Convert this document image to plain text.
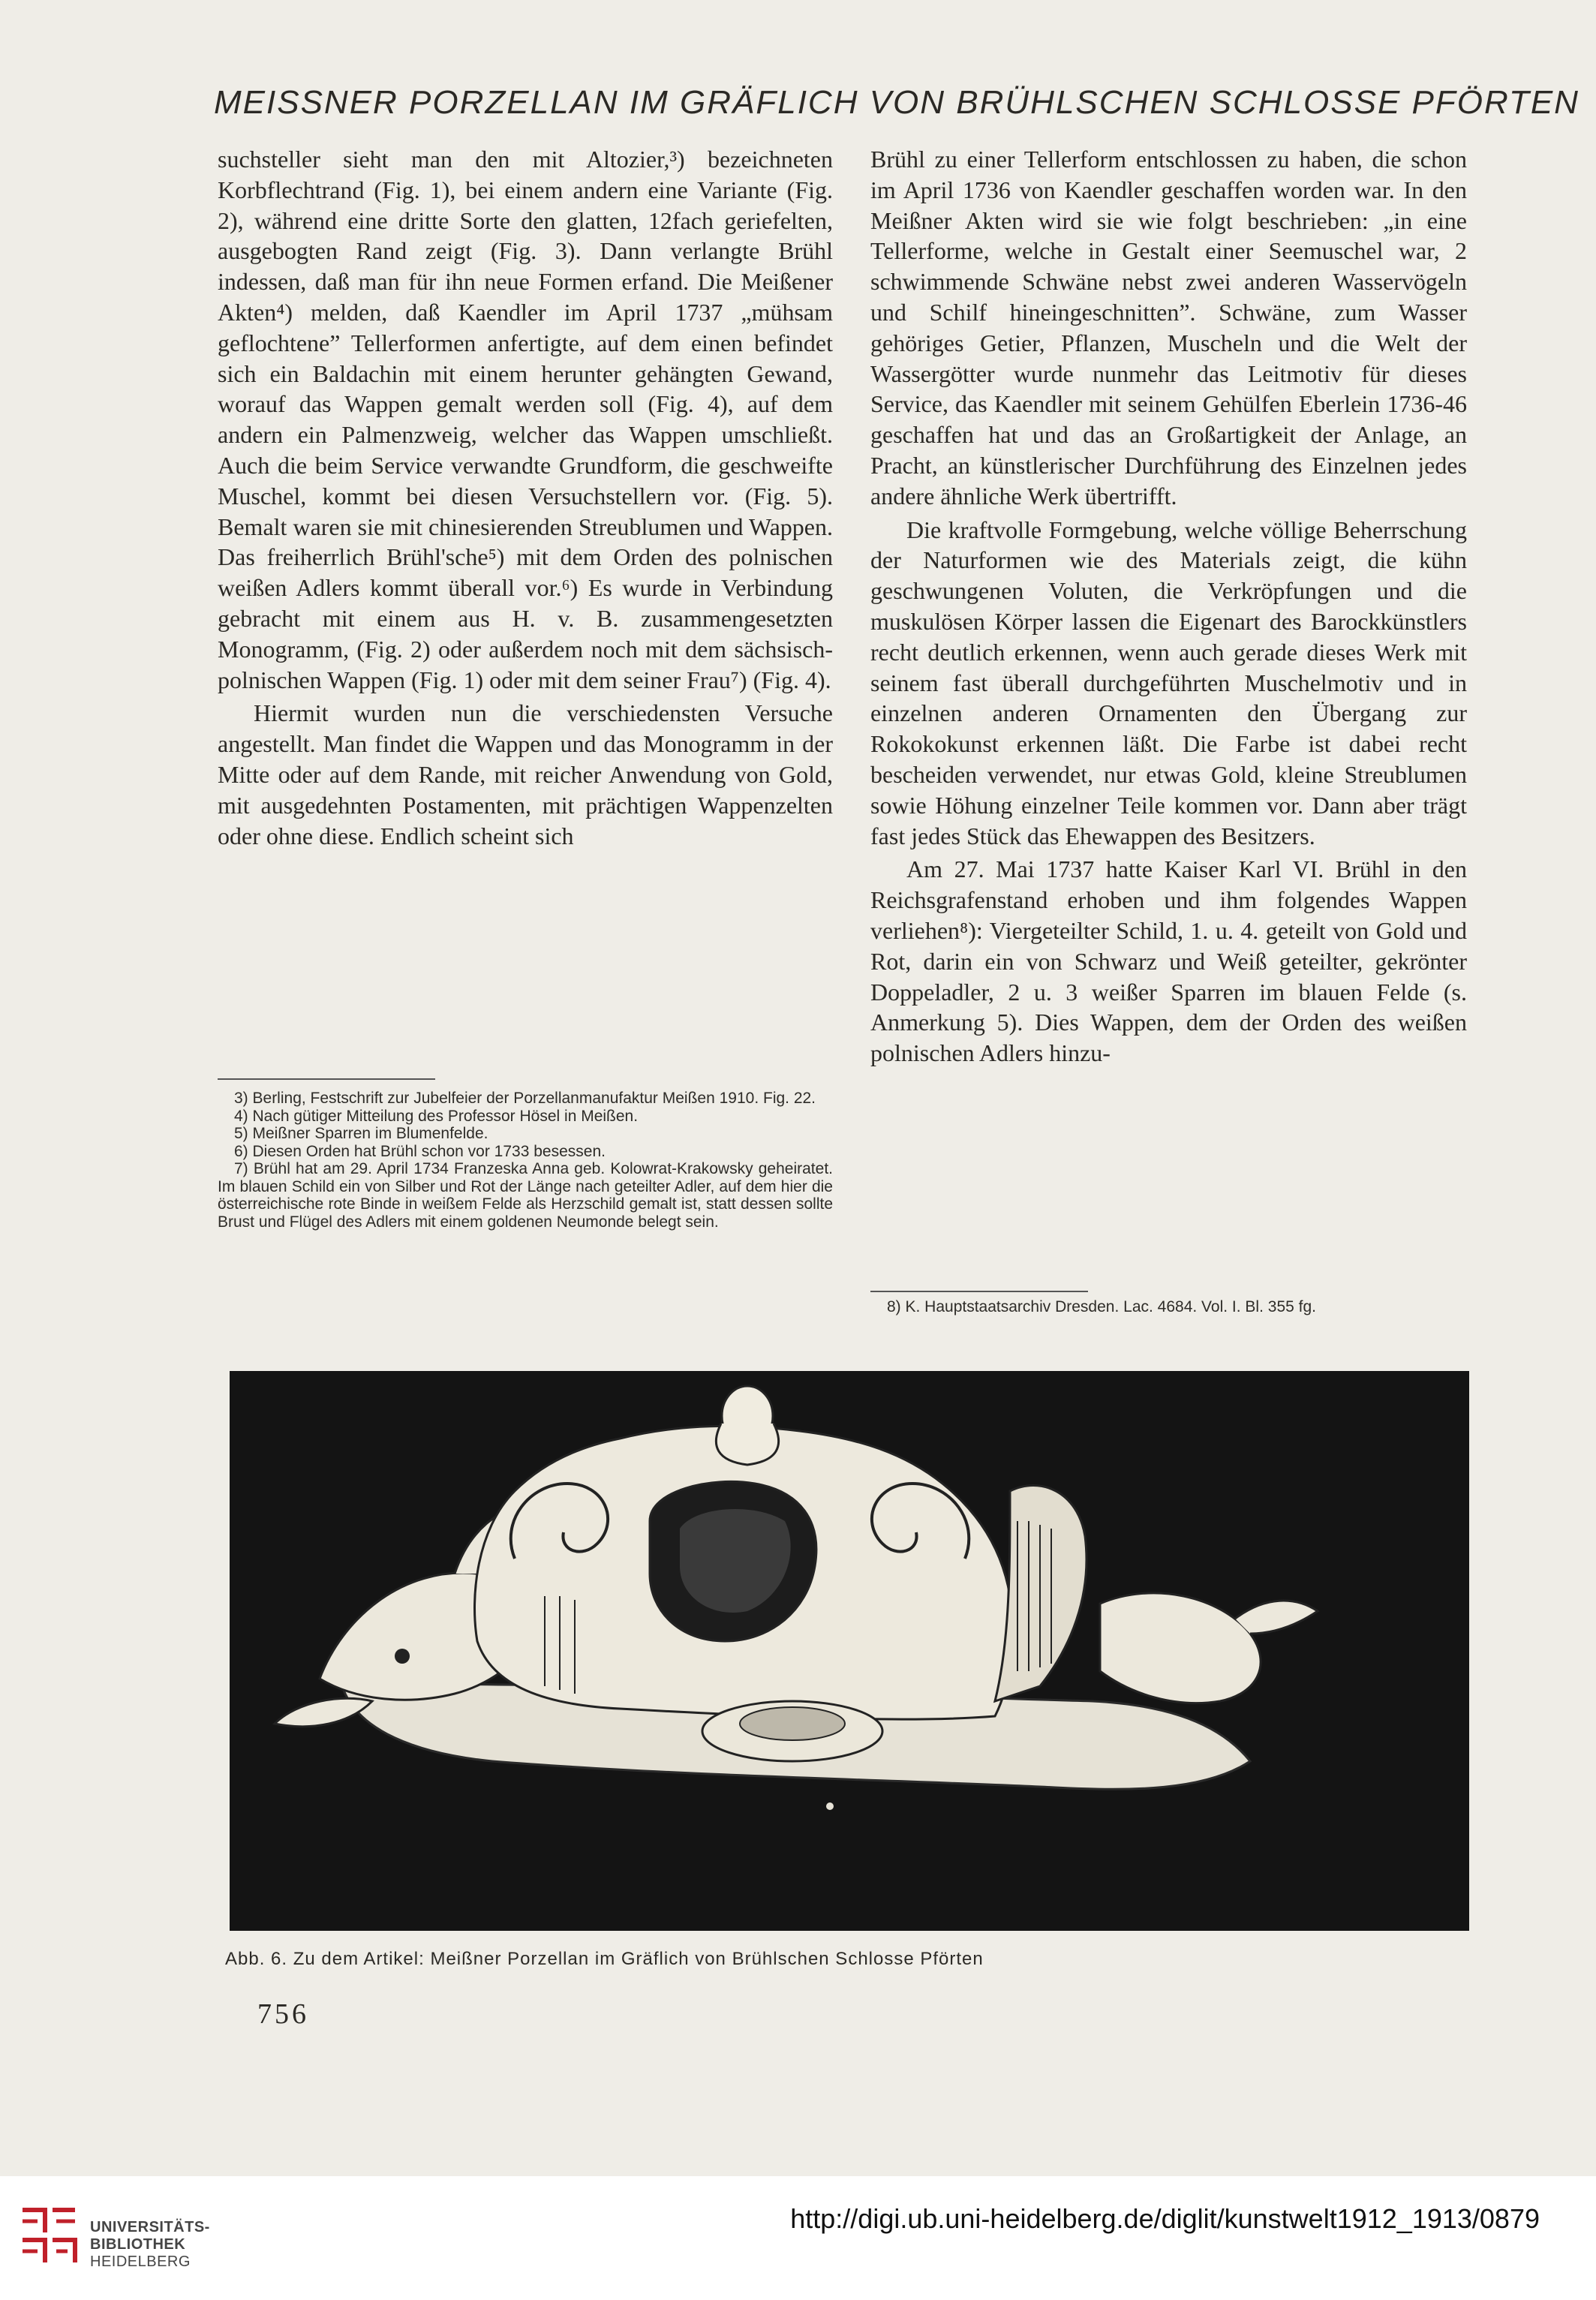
MEISSNER PORZELLAN IM GRÄFLICH VON BRÜHLSCHEN SCHLOSSE PFÖRTEN

suchsteller sieht man den mit Altozier,³) bezeichneten Korbflechtrand (Fig. 1), bei einem andern eine Variante (Fig. 2), während eine dritte Sorte den glatten, 12fach geriefelten, ausgebogten Rand zeigt (Fig. 3). Dann verlangte Brühl indessen, daß man für ihn neue Formen erfand. Die Meißener Akten⁴) melden, daß Kaendler im April 1737 „mühsam geflochtene” Tellerformen anfertigte, auf dem einen befindet sich ein Baldachin mit einem herunter gehängten Gewand, worauf das Wappen gemalt werden soll (Fig. 4), auf dem andern ein Palmenzweig, welcher das Wappen umschließt. Auch die beim Service verwandte Grundform, die geschweifte Muschel, kommt bei diesen Versuchstellern vor. (Fig. 5). Bemalt waren sie mit chinesierenden Streublumen und Wappen. Das freiherrlich Brühl'sche⁵) mit dem Orden des polnischen weißen Adlers kommt überall vor.⁶) Es wurde in Verbindung gebracht mit einem aus H. v. B. zusammengesetzten Monogramm, (Fig. 2) oder außerdem noch mit dem sächsisch-polnischen Wappen (Fig. 1) oder mit dem seiner Frau⁷) (Fig. 4).

Hiermit wurden nun die verschiedensten Versuche angestellt. Man findet die Wappen und das Monogramm in der Mitte oder auf dem Rande, mit reicher Anwendung von Gold, mit ausgedehnten Postamenten, mit prächtigen Wappenzelten oder ohne diese. Endlich scheint sich

Brühl zu einer Tellerform entschlossen zu haben, die schon im April 1736 von Kaendler geschaffen worden war. In den Meißner Akten wird sie wie folgt beschrieben: „in eine Tellerforme, welche in Gestalt einer Seemuschel war, 2 schwimmende Schwäne nebst zwei anderen Wasservögeln und Schilf hineingeschnitten”. Schwäne, zum Wasser gehöriges Getier, Pflanzen, Muscheln und die Welt der Wassergötter wurde nunmehr das Leitmotiv für dieses Service, das Kaendler mit seinem Gehülfen Eberlein 1736-46 geschaffen hat und das an Großartigkeit der Anlage, an Pracht, an künstlerischer Durchführung des Einzelnen jedes andere ähnliche Werk übertrifft.

Die kraftvolle Formgebung, welche völlige Beherrschung der Naturformen wie des Materials zeigt, die kühn geschwungenen Voluten, die Verkröpfungen und die muskulösen Körper lassen die Eigenart des Barockkünstlers recht deutlich erkennen, wenn auch gerade dieses Werk mit seinem fast überall durchgeführten Muschelmotiv und in einzelnen anderen Ornamenten den Übergang zur Rokokokunst erkennen läßt. Die Farbe ist dabei recht bescheiden verwendet, nur etwas Gold, kleine Streublumen sowie Höhung einzelner Teile kommen vor. Dann aber trägt fast jedes Stück das Ehewappen des Besitzers.

Am 27. Mai 1737 hatte Kaiser Karl VI. Brühl in den Reichsgrafenstand erhoben und ihm folgendes Wappen verliehen⁸): Viergeteilter Schild, 1. u. 4. geteilt von Gold und Rot, darin ein von Schwarz und Weiß geteilter, gekrönter Doppeladler, 2 u. 3 weißer Sparren im blauen Felde (s. Anmerkung 5). Dies Wappen, dem der Orden des weißen polnischen Adlers hinzu-

3) Berling, Festschrift zur Jubelfeier der Porzellanmanufaktur Meißen 1910. Fig. 22.

4) Nach gütiger Mitteilung des Professor Hösel in Meißen.

5) Meißner Sparren im Blumenfelde.

6) Diesen Orden hat Brühl schon vor 1733 besessen.

7) Brühl hat am 29. April 1734 Franzeska Anna geb. Kolowrat-Krakowsky geheiratet. Im blauen Schild ein von Silber und Rot der Länge nach geteilter Adler, auf dem hier die österreichische rote Binde in weißem Felde als Herzschild gemalt ist, statt dessen sollte Brust und Flügel des Adlers mit einem goldenen Neumonde belegt sein.

8) K. Hauptstaatsarchiv Dresden. Lac. 4684. Vol. I. Bl. 355 fg.

Abb. 6. Zu dem Artikel: Meißner Porzellan im Gräflich von Brühlschen Schlosse Pförten
756
UNIVERSITÄTS-
BIBLIOTHEK
HEIDELBERG
http://digi.ub.uni-heidelberg.de/diglit/kunstwelt1912_1913/0879
